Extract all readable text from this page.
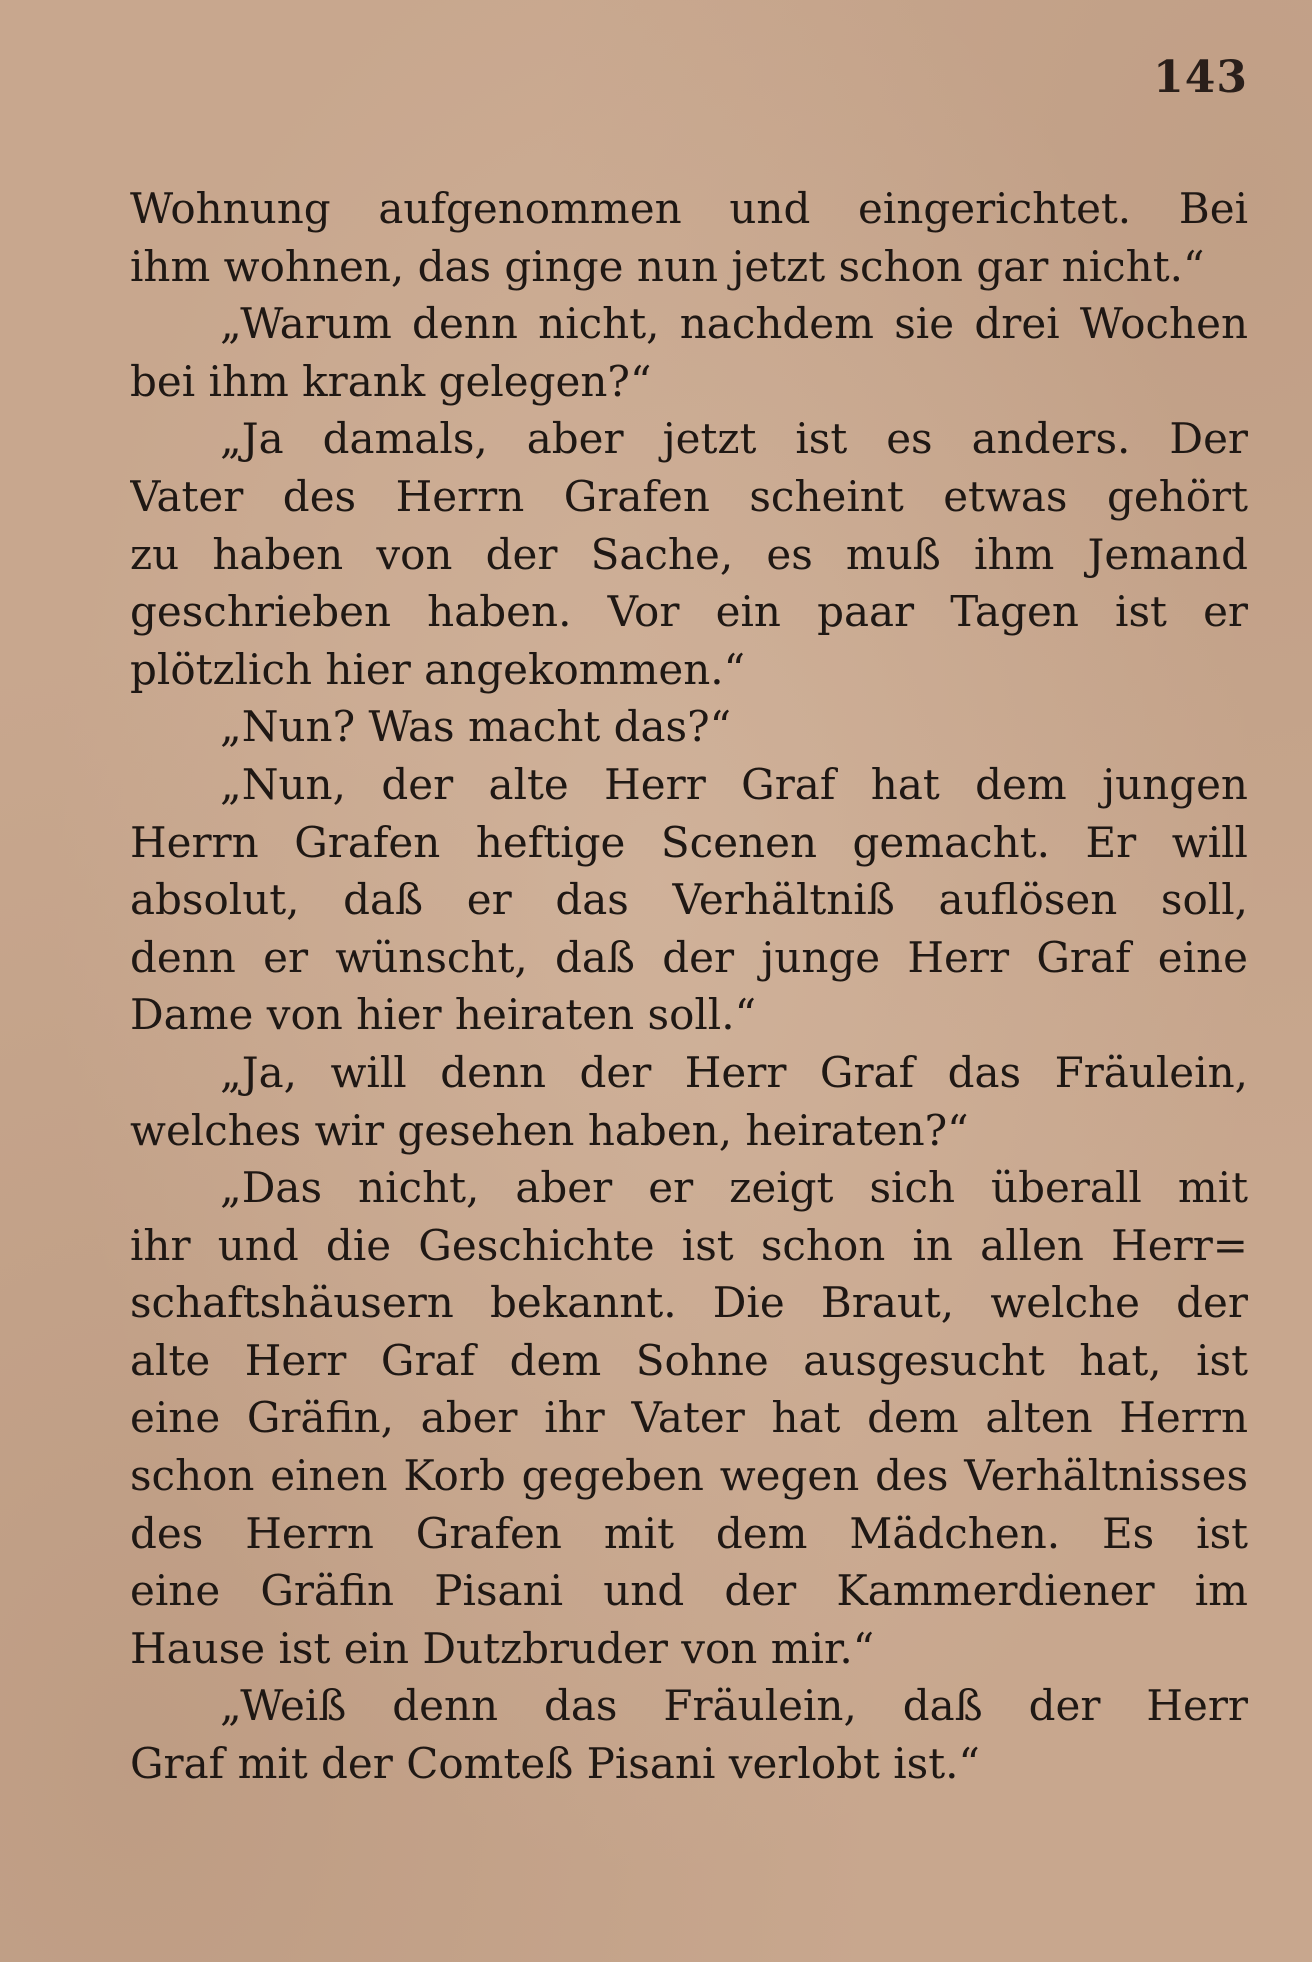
143
Wohnung aufgenommen und eingerichtet. Bei
ihm wohnen, das ginge nun jetzt schon gar nicht.“
„Warum denn nicht, nachdem sie drei Wochen
bei ihm krank gelegen?“
„Ja damals, aber jetzt ist es anders. Der
Vater des Herrn Grafen scheint etwas gehört
zu haben von der Sache, es muß ihm Jemand
geschrieben haben. Vor ein paar Tagen ist er
plötzlich hier angekommen.“
„Nun? Was macht das?“
„Nun, der alte Herr Graf hat dem jungen
Herrn Grafen heftige Scenen gemacht. Er will
absolut, daß er das Verhältniß auflösen soll,
denn er wünscht, daß der junge Herr Graf eine
Dame von hier heiraten soll.“
„Ja, will denn der Herr Graf das Fräulein,
welches wir gesehen haben, heiraten?“
„Das nicht, aber er zeigt sich überall mit
ihr und die Geschichte ist schon in allen Herr=
schaftshäusern bekannt. Die Braut, welche der
alte Herr Graf dem Sohne ausgesucht hat, ist
eine Gräfin, aber ihr Vater hat dem alten Herrn
schon einen Korb gegeben wegen des Verhältnisses
des Herrn Grafen mit dem Mädchen. Es ist
eine Gräfin Pisani und der Kammerdiener im
Hause ist ein Dutzbruder von mir.“
„Weiß denn das Fräulein, daß der Herr
Graf mit der Comteß Pisani verlobt ist.“
